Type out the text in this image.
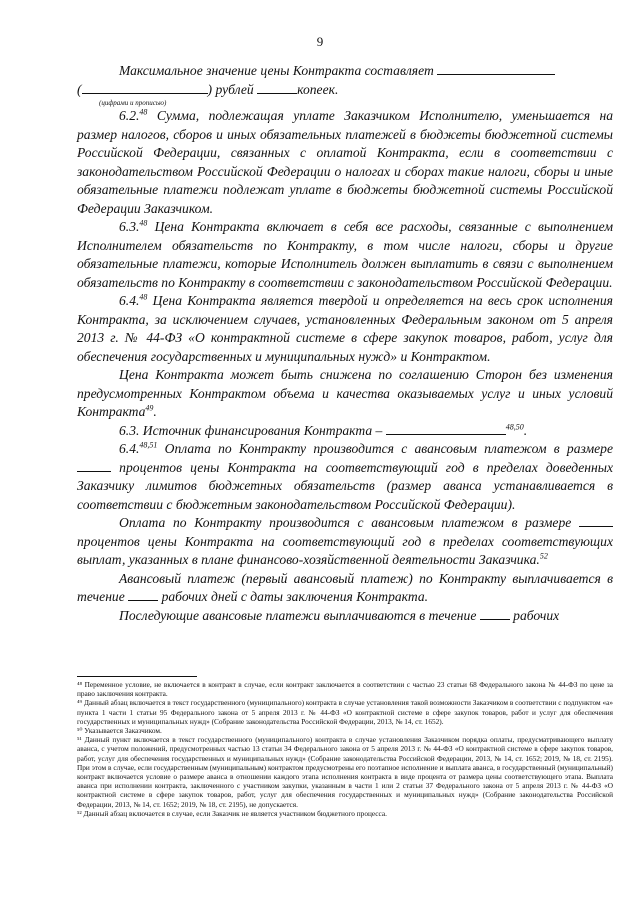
9

Максимальное значение цены Контракта составляет

(	) рублей	копеек.

(цифрами и прописью)

6.2.48 Сумма, подлежащая уплате Заказчиком Исполнителю, уменьшается на размер налогов, сборов и иных обязательных платежей в бюджеты бюджетной системы Российской Федерации, связанных с оплатой Контракта, если в соответствии с законодательством Российской Федерации о налогах и сборах такие налоги, сборы и иные обязательные платежи подлежат уплате в бюджеты бюджетной системы Российской Федерации Заказчиком.

6.3.48 Цена Контракта включает в себя все расходы, связанные с выполнением Исполнителем обязательств по Контракту, в том числе налоги, сборы и другие обязательные платежи, которые Исполнитель должен выплатить в связи с выполнением обязательств по Контракту в соответствии с законодательством Российской Федерации.

6.4.48 Цена Контракта является твердой и определяется на весь срок исполнения Контракта, за исключением случаев, установленных Федеральным законом от 5 апреля 2013 г. № 44-ФЗ «О контрактной системе в сфере закупок товаров, работ, услуг для обеспечения государственных и муниципальных нужд» и Контрактом.

Цена Контракта может быть снижена по соглашению Сторон без изменения предусмотренных Контрактом объема и качества оказываемых услуг и иных условий Контракта$^{49}$.

6.3. Источник финансирования Контракта –	$^{48,50}$.

6.4.$^{48,51}$ Оплата по Контракту производится с авансовым платежом в размере  процентов цены Контракта на соответствующий год в пределах доведенных Заказчику лимитов бюджетных обязательств (размер аванса устанавливается в соответствии с бюджетным законодательством Российской Федерации).

Оплата по Контракту производится с авансовым платежом в размере  процентов цены Контракта на соответствующий год в пределах соответствующих выплат, указанных в плане финансово-хозяйственной деятельности Заказчика.$^{52}$

Авансовый платеж (первый авансовый платеж) по Контракту выплачивается в течение	рабочих дней с даты заключения Контракта.

Последующие авансовые платежи выплачиваются в течение	рабочих

⁴⁸ Переменное условие, не включается в контракт в случае, если контракт заключается в соответствии с частью 23 статьи 68 Федерального закона № 44-ФЗ по цене за право заключения контракта.

⁴⁹ Данный абзац включается в текст государственного (муниципального) контракта в случае установления такой возможности Заказчиком в соответствии с подпунктом «а» пункта 1 части 1 статьи 95 Федерального закона от 5 апреля 2013 г. № 44-ФЗ «О контрактной системе в сфере закупок товаров, работ и услуг для обеспечения государственных и муниципальных нужд» (Собрание законодательства Российской Федерации, 2013, № 14, ст. 1652).

⁵⁰ Указывается Заказчиком.

⁵¹ Данный пункт включается в текст государственного (муниципального) контракта в случае установления Заказчиком порядка оплаты, предусматривающего выплату аванса, с учетом положений, предусмотренных частью 13 статьи 34 Федерального закона от 5 апреля 2013 г. № 44-ФЗ «О контрактной системе в сфере закупок товаров, работ, услуг для обеспечения государственных и муниципальных нужд» (Собрание законодательства Российской Федерации, 2013, № 14, ст. 1652; 2019, № 18, ст. 2195). При этом в случае, если государственным (муниципальным) контрактом предусмотрены его поэтапное исполнение и выплата аванса, в государственный (муниципальный) контракт включается условие о размере аванса в отношении каждого этапа исполнения контракта в виде процента от размера цены соответствующего этапа. Выплата аванса при исполнении контракта, заключенного с участником закупки, указанным в части 1 или 2 статьи 37 Федерального закона от 5 апреля 2013 г. № 44-ФЗ «О контрактной системе в сфере закупок товаров, работ, услуг для обеспечения государственных и муниципальных нужд» (Собрание законодательства Российской Федерации, 2013, № 14, ст. 1652; 2019, № 18, ст. 2195), не допускается.

⁵² Данный абзац включается в случае, если Заказчик не является участником бюджетного процесса.
